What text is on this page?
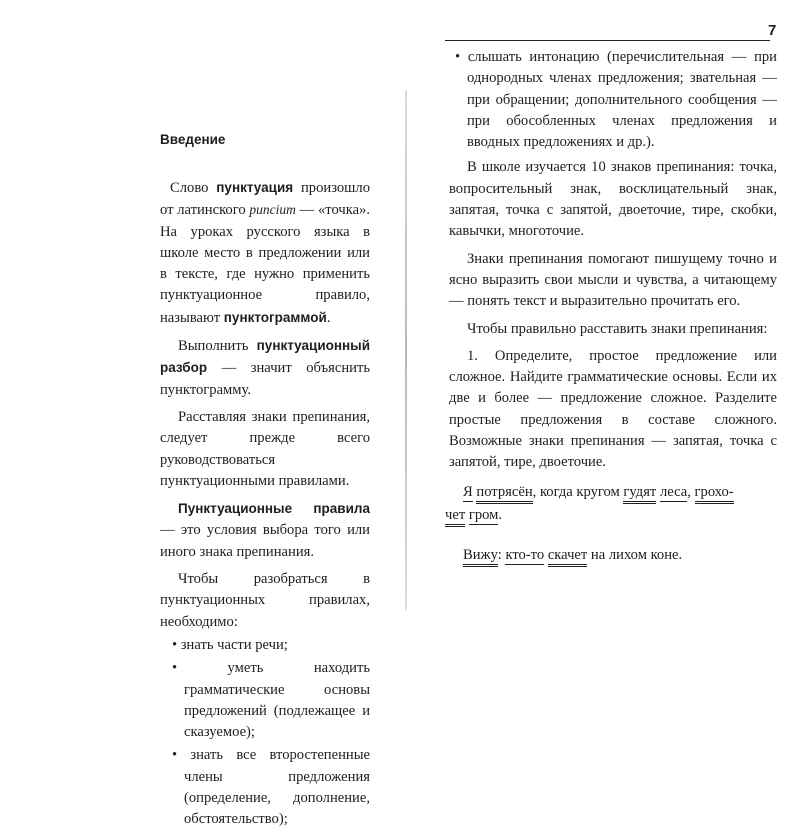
7
Введение

Слово пунктуация произошло от латинского puncium — «точка». На уроках русского языка в школе место в предложении или в тексте, где нужно применить пунктуационное правило, называют пунктограммой.

Выполнить пунктуационный разбор — значит объяснить пунктограмму.

Расставляя знаки препинания, следует прежде всего руководствоваться пунктуационными правилами.

Пунктуационные правила — это условия выбора того или иного знака препинания.

Чтобы разобраться в пунктуационных правилах, необходимо:

• знать части речи;
• уметь находить грамматические основы предложений (подлежащее и сказуемое);
• знать все второстепенные члены предложения (определение, дополнение, обстоятельство);
• слышать интонацию (перечислительная — при однородных членах предложения; звательная — при обращении; дополнительного сообщения — при обособленных членах предложения и вводных предложениях и др.).

В школе изучается 10 знаков препинания: точка, вопросительный знак, восклицательный знак, запятая, точка с запятой, двоеточие, тире, скобки, кавычки, многоточие.

Знаки препинания помогают пишущему точно и ясно выразить свои мысли и чувства, а читающему — понять текст и выразительно прочитать его.

Чтобы правильно расставить знаки препинания:

1. Определите, простое предложение или сложное. Найдите грамматические основы. Если их две и более — предложение сложное. Разделите простые предложения в составе сложного. Возможные знаки препинания — запятая, точка с запятой, тире, двоеточие.

Я потрясён, когда кругом гудят леса, грохо-
чет гром.
Вижу: кто-то скачет на лихом коне.
